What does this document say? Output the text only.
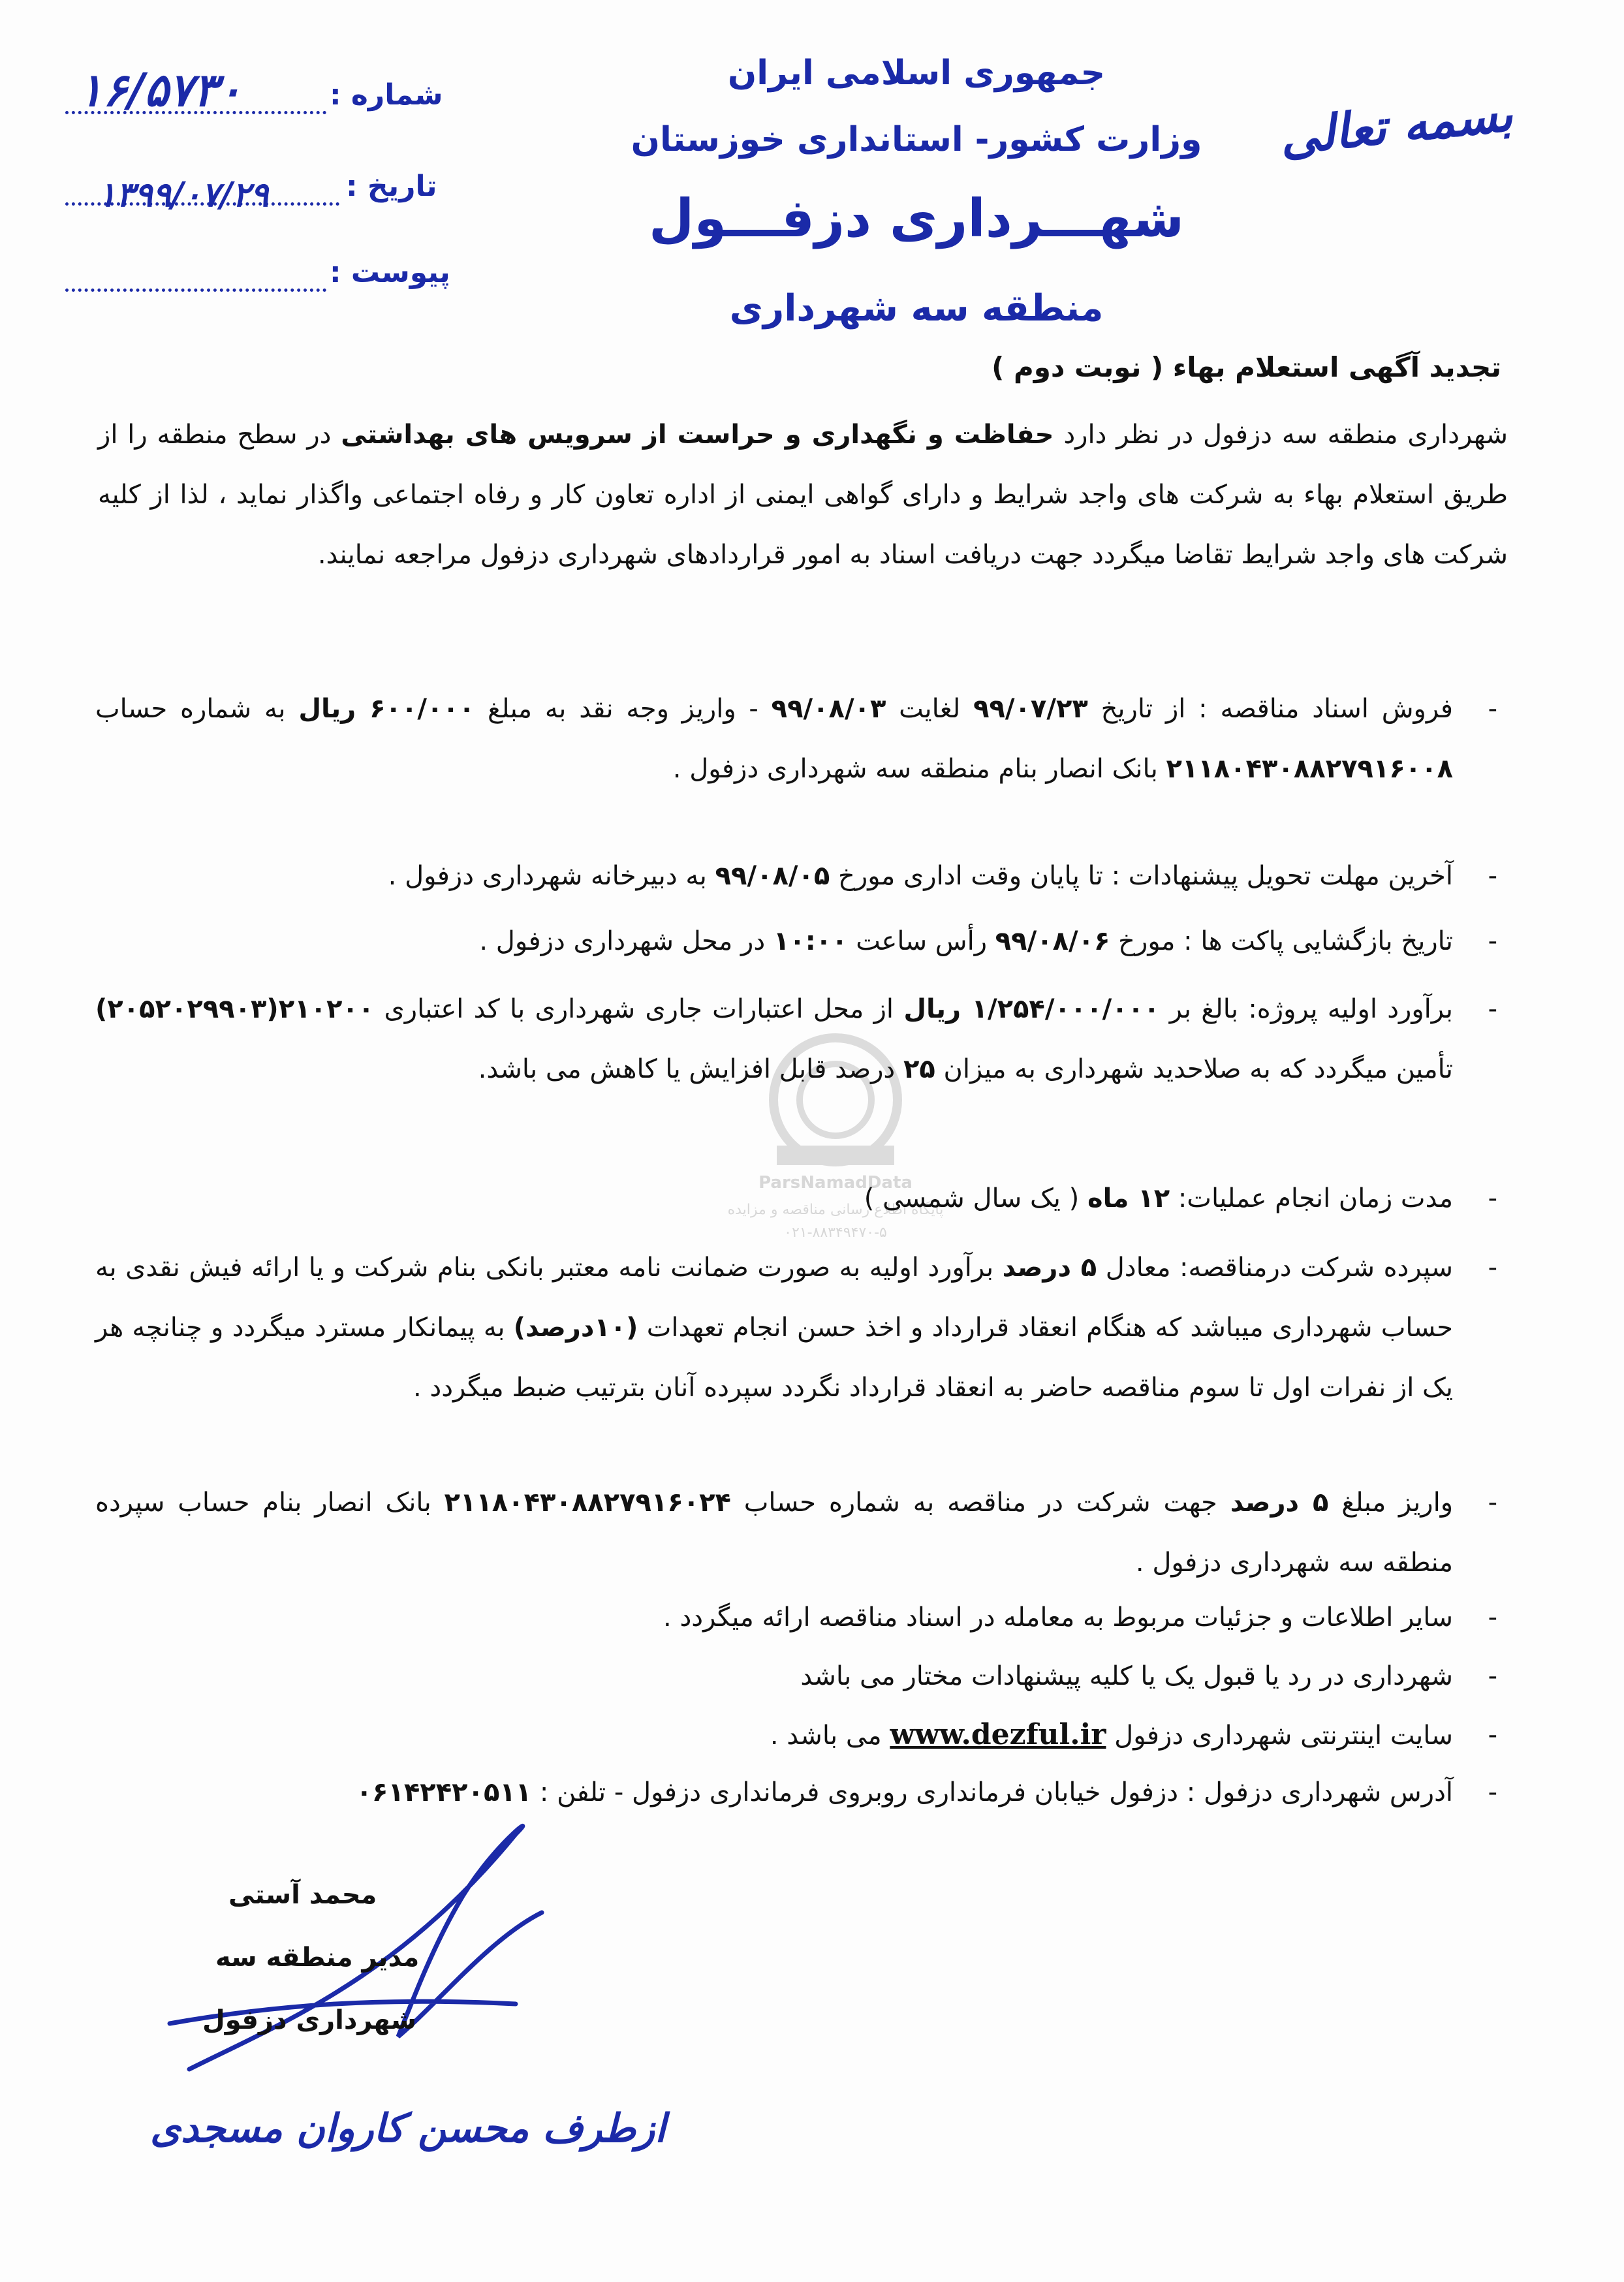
بسمه تعالی
جمهوری اسلامی ایران
وزارت کشور- استانداری خوزستان
شهـــرداری دزفـــول
منطقه سه شهرداری
شماره :
۱۶/۵۷۳۰
تاریخ :
۱۳۹۹/۰۷/۲۹
پیوست :
ParsNamadData
پایگاه اطلاع رسانی مناقصه و مزایده
۰۲۱-۸۸۳۴۹۴۷۰-۵
تجدید آگهی استعلام بهاء ( نوبت دوم )
شهرداری منطقه سه دزفول در نظر دارد حفاظت و نگهداری و حراست از سرویس های بهداشتی در سطح منطقه را از طریق استعلام بهاء به شرکت های واجد شرایط و دارای گواهی ایمنی از اداره تعاون کار و رفاه اجتماعی واگذار نماید ، لذا از کلیه شرکت های واجد شرایط تقاضا میگردد جهت دریافت اسناد به امور قراردادهای شهرداری دزفول مراجعه نمایند.
- فروش اسناد مناقصه : از تاریخ ۹۹/۰۷/۲۳ لغایت ۹۹/۰۸/۰۳ - واریز وجه نقد به مبلغ ۶۰۰/۰۰۰ ریال به شماره حساب ۲۱۱۸۰۴۳۰۸۸۲۷۹۱۶۰۰۸ بانک انصار بنام منطقه سه شهرداری دزفول .
- آخرین مهلت تحویل پیشنهادات : تا پایان وقت اداری مورخ ۹۹/۰۸/۰۵ به دبیرخانه شهرداری دزفول .
- تاریخ بازگشایی پاکت ها : مورخ ۹۹/۰۸/۰۶ رأس ساعت ۱۰:۰۰ در محل شهرداری دزفول .
- برآورد اولیه پروژه: بالغ بر ۱/۲۵۴/۰۰۰/۰۰۰ ریال از محل اعتبارات جاری شهرداری با کد اعتباری ۲۱۰۲۰۰(۲۰۵۲۰۲۹۹۰۳) تأمین میگردد که به صلاحدید شهرداری به میزان ۲۵ درصد قابل افزایش یا کاهش می باشد.
- مدت زمان انجام عملیات: ۱۲ ماه ( یک سال شمسی )
- سپرده شرکت درمناقصه: معادل ۵ درصد برآورد اولیه به صورت ضمانت نامه معتبر بانکی بنام شرکت و یا ارائه فیش نقدی به حساب شهرداری میباشد که هنگام انعقاد قرارداد و اخذ حسن انجام تعهدات (۱۰درصد) به پیمانکار مسترد میگردد و چنانچه هر یک از نفرات اول تا سوم مناقصه حاضر به انعقاد قرارداد نگردد سپرده آنان بترتیب ضبط میگردد .
- واریز مبلغ ۵ درصد جهت شرکت در مناقصه به شماره حساب ۲۱۱۸۰۴۳۰۸۸۲۷۹۱۶۰۲۴ بانک انصار بنام حساب سپرده منطقه سه شهرداری دزفول .
- سایر اطلاعات و جزئیات مربوط به معامله در اسناد مناقصه ارائه میگردد .
- شهرداری در رد یا قبول یک یا کلیه پیشنهادات مختار می باشد
- سایت اینترنتی شهرداری دزفول www.dezful.ir می باشد .
- آدرس شهرداری دزفول : دزفول خیابان فرمانداری روبروی فرمانداری دزفول - تلفن : ۰۶۱۴۲۴۲۰۵۱۱
محمد آستی
مدیر منطقه سه
شهرداری دزفول
ازطرف محسن کاروان مسجدی
